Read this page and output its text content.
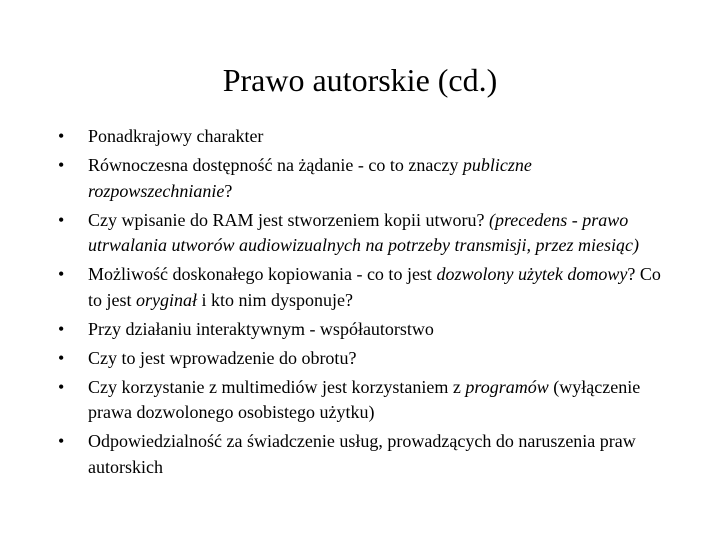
Prawo autorskie (cd.)
• Ponadkrajowy charakter
• Równoczesna dostępność na żądanie - co to znaczy publiczne rozpowszechnianie?
• Czy wpisanie do RAM jest stworzeniem kopii utworu? (precedens - prawo utrwalania utworów audiowizualnych na potrzeby transmisji, przez miesiąc)
• Możliwość doskonałego kopiowania - co to jest dozwolony użytek domowy? Co to jest oryginał i kto nim dysponuje?
• Przy działaniu interaktywnym - współautorstwo
• Czy to jest wprowadzenie do obrotu?
• Czy korzystanie z multimediów jest korzystaniem z programów (wyłączenie prawa dozwolonego osobistego użytku)
• Odpowiedzialność za świadczenie usług, prowadzących do naruszenia praw autorskich
